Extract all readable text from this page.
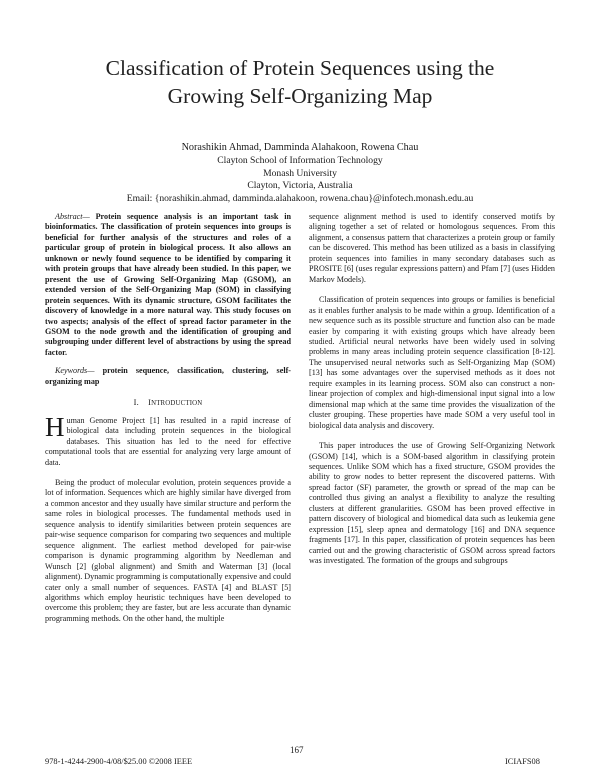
Classification of Protein Sequences using the
Growing Self-Organizing Map
Norashikin Ahmad, Damminda Alahakoon, Rowena Chau
Clayton School of Information Technology
Monash University
Clayton, Victoria, Australia
Email: {norashikin.ahmad, damminda.alahakoon, rowena.chau}@infotech.monash.edu.au

Abstract— Protein sequence analysis is an important task in bioinformatics. The classification of protein sequences into groups is beneficial for further analysis of the structures and roles of a particular group of protein in biological process. It also allows an unknown or newly found sequence to be identified by comparing it with protein groups that have already been studied. In this paper, we present the use of Growing Self-Organizing Map (GSOM), an extended version of the Self-Organizing Map (SOM) in classifying protein sequences. With its dynamic structure, GSOM facilitates the discovery of knowledge in a more natural way. This study focuses on two aspects; analysis of the effect of spread factor parameter in the GSOM to the node growth and the identification of grouping and subgrouping under different level of abstractions by using the spread factor.

Keywords— protein sequence, classification, clustering, self-organizing map

I. INTRODUCTION

Human Genome Project [1] has resulted in a rapid increase of biological data including protein sequences in the biological databases. This situation has led to the need for effective computational tools that are essential for analyzing very large amount of data.

Being the product of molecular evolution, protein sequences provide a lot of information. Sequences which are highly similar have diverged from a common ancestor and they usually have similar structure and perform the same roles in biological processes. The fundamental methods used in sequence analysis to identify similarities between protein sequences are pair-wise sequence comparison for comparing two sequences and multiple sequence alignment. The earliest method developed for pair-wise comparison is dynamic programming algorithm by Needleman and Wunsch [2] (global alignment) and Smith and Waterman [3] (local alignment). Dynamic programming is computationally expensive and could cater only a small number of sequences. FASTA [4] and BLAST [5] algorithms which employ heuristic techniques have been developed to overcome this problem; they are faster, but are less accurate than dynamic programming methods. On the other hand, the multiple

sequence alignment method is used to identify conserved motifs by aligning together a set of related or homologous sequences. From this alignment, a consensus pattern that characterizes a protein group or family can be discovered. This method has been utilized as a basis in classifying protein sequences into families in many secondary databases such as PROSITE [6] (uses regular expressions pattern) and Pfam [7] (uses Hidden Markov Models).

Classification of protein sequences into groups or families is beneficial as it enables further analysis to be made within a group. Identification of a new sequence such as its possible structure and function also can be made easier by comparing it with existing groups which have already been studied. Artificial neural networks have been widely used in solving problems in many areas including protein sequence classification [8-12]. The unsupervised neural networks such as Self-Organizing Map (SOM) [13] has some advantages over the supervised methods as it does not require examples in its learning process. SOM also can construct a non-linear projection of complex and high-dimensional input signal into a low dimensional map which at the same time provides the visualization of the cluster grouping. These properties have made SOM a very useful tool in biological data analysis and discovery.

This paper introduces the use of Growing Self-Organizing Network (GSOM) [14], which is a SOM-based algorithm in classifying protein sequences. Unlike SOM which has a fixed structure, GSOM provides the ability to grow nodes to better represent the discovered patterns. With spread factor (SF) parameter, the growth or spread of the map can be controlled thus giving an analyst a flexibility to analyze the resulting clusters at different granularities. GSOM has been proved effective in pattern discovery of biological and biomedical data such as leukemia gene expression [15], sleep apnea and dermatology [16] and DNA sequence fragments [17]. In this paper, classification of protein sequences has been carried out and the growing characteristic of GSOM across spread factors was investigated. The formation of the groups and subgroups

978-1-4244-2900-4/08/$25.00 ©2008 IEEE
167
ICIAFS08
